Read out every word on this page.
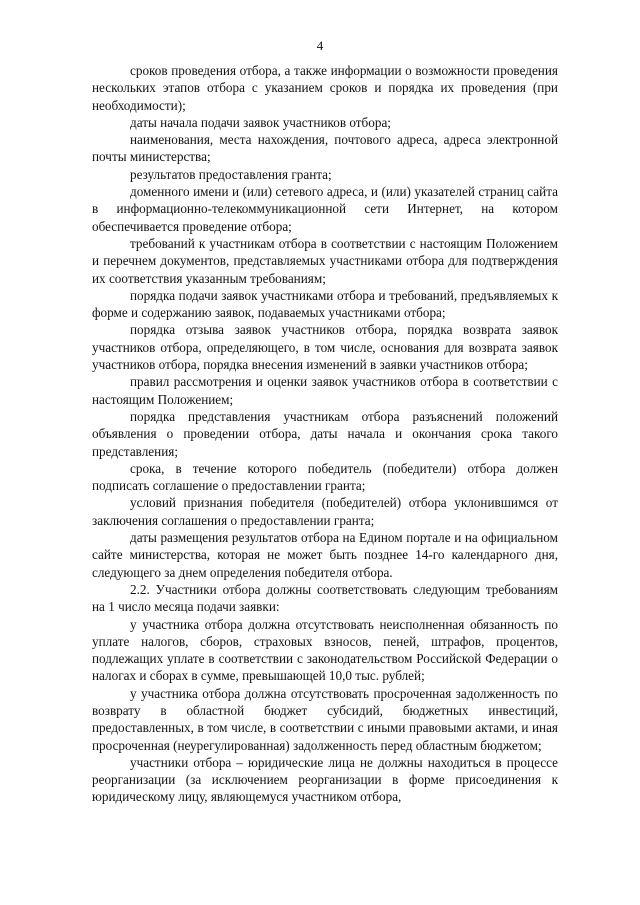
4

сроков проведения отбора, а также информации о возможности проведения нескольких этапов отбора с указанием сроков и порядка их проведения (при необходимости);

даты начала подачи заявок участников отбора;

наименования, места нахождения, почтового адреса, адреса электронной почты министерства;

результатов предоставления гранта;

доменного имени и (или) сетевого адреса, и (или) указателей страниц сайта в информационно-телекоммуникационной сети Интернет, на котором обеспечивается проведение отбора;

требований к участникам отбора в соответствии с настоящим Положением и перечнем документов, представляемых участниками отбора для подтверждения их соответствия указанным требованиям;

порядка подачи заявок участниками отбора и требований, предъявляемых к форме и содержанию заявок, подаваемых участниками отбора;

порядка отзыва заявок участников отбора, порядка возврата заявок участников отбора, определяющего, в том числе, основания для возврата заявок участников отбора, порядка внесения изменений в заявки участников отбора;

правил рассмотрения и оценки заявок участников отбора в соответствии с настоящим Положением;

порядка представления участникам отбора разъяснений положений объявления о проведении отбора, даты начала и окончания срока такого представления;

срока, в течение которого победитель (победители) отбора должен подписать соглашение о предоставлении гранта;

условий признания победителя (победителей) отбора уклонившимся от заключения соглашения о предоставлении гранта;

даты размещения результатов отбора на Едином портале и на официальном сайте министерства, которая не может быть позднее 14-го календарного дня, следующего за днем определения победителя отбора.

2.2. Участники отбора должны соответствовать следующим требованиям на 1 число месяца подачи заявки:

у участника отбора должна отсутствовать неисполненная обязанность по уплате налогов, сборов, страховых взносов, пеней, штрафов, процентов, подлежащих уплате в соответствии с законодательством Российской Федерации о налогах и сборах в сумме, превышающей 10,0 тыс. рублей;

у участника отбора должна отсутствовать просроченная задолженность по возврату в областной бюджет субсидий, бюджетных инвестиций, предоставленных, в том числе, в соответствии с иными правовыми актами, и иная просроченная (неурегулированная) задолженность перед областным бюджетом;

участники отбора – юридические лица не должны находиться в процессе реорганизации (за исключением реорганизации в форме присоединения к юридическому лицу, являющемуся участником отбора,
